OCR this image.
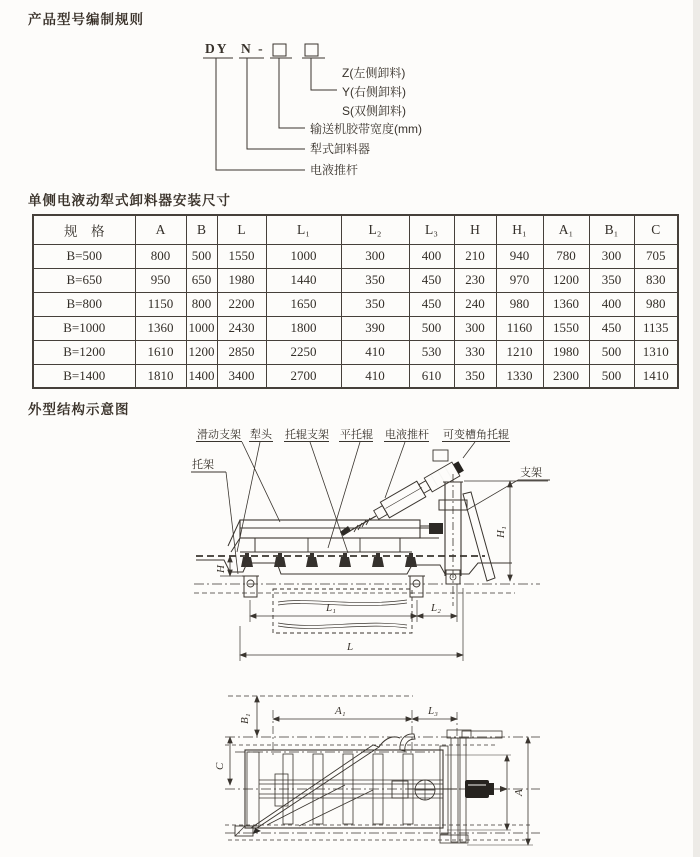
产品型号编制规则
DY N -
Z(左侧卸料)
Y(右侧卸料)
S(双侧卸料)
输送机胶带宽度(mm)
犁式卸料器
电液推杆
单侧电液动犁式卸料器安装尺寸
规　格	A	B	L	L₁	L₂	L₃	H	H₁	A₁	B₁	C
B=500	800	500	1550	1000	300	400	210	940	780	300	705
B=650	950	650	1980	1440	350	450	230	970	1200	350	830
B=800	1150	800	2200	1650	350	450	240	980	1360	400	980
B=1000	1360	1000	2430	1800	390	500	300	1160	1550	450	1135
B=1200	1610	1200	2850	2250	410	530	330	1210	1980	500	1310
B=1400	1810	1400	3400	2700	410	610	350	1330	2300	500	1410
外型结构示意图
滑动支架 犁头 托辊支架 平托辊 电液推杆 可变槽角托辊
托架
支架
H
H₁
L₁	L₂
L
B₁
C
A₁	L₃
A
